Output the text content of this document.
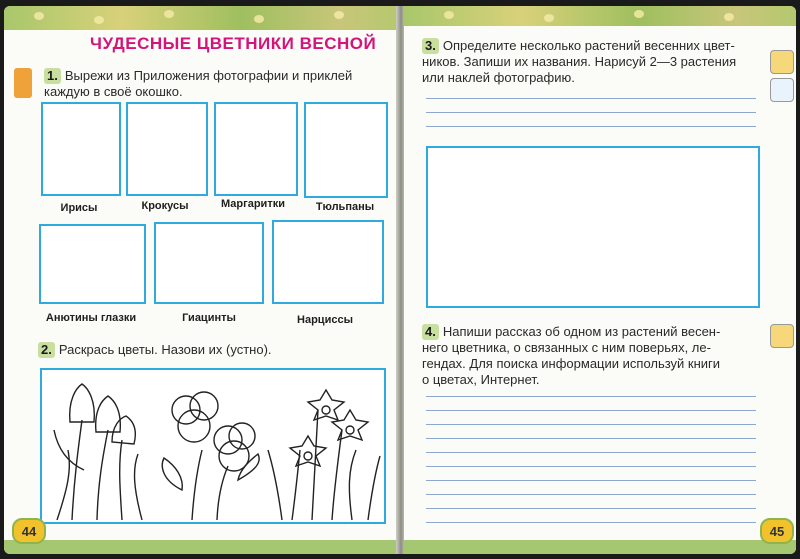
ЧУДЕСНЫЕ ЦВЕТНИКИ ВЕСНОЙ
1. Вырежи из Приложения фотографии и приклей
каждую в своё окошко.
Ирисы	Крокусы	Маргаритки	Тюльпаны
Анютины глазки	Гиацинты	Нарциссы
2. Раскрась цветы. Назови их (устно).
44
3. Определите несколько растений весенних цвет-
ников. Запиши их названия. Нарисуй 2—3 растения
или наклей фотографию.
4. Напиши рассказ об одном из растений весен-
него цветника, о связанных с ним поверьях, ле-
гендах. Для поиска информации используй книги
о цветах, Интернет.
45
